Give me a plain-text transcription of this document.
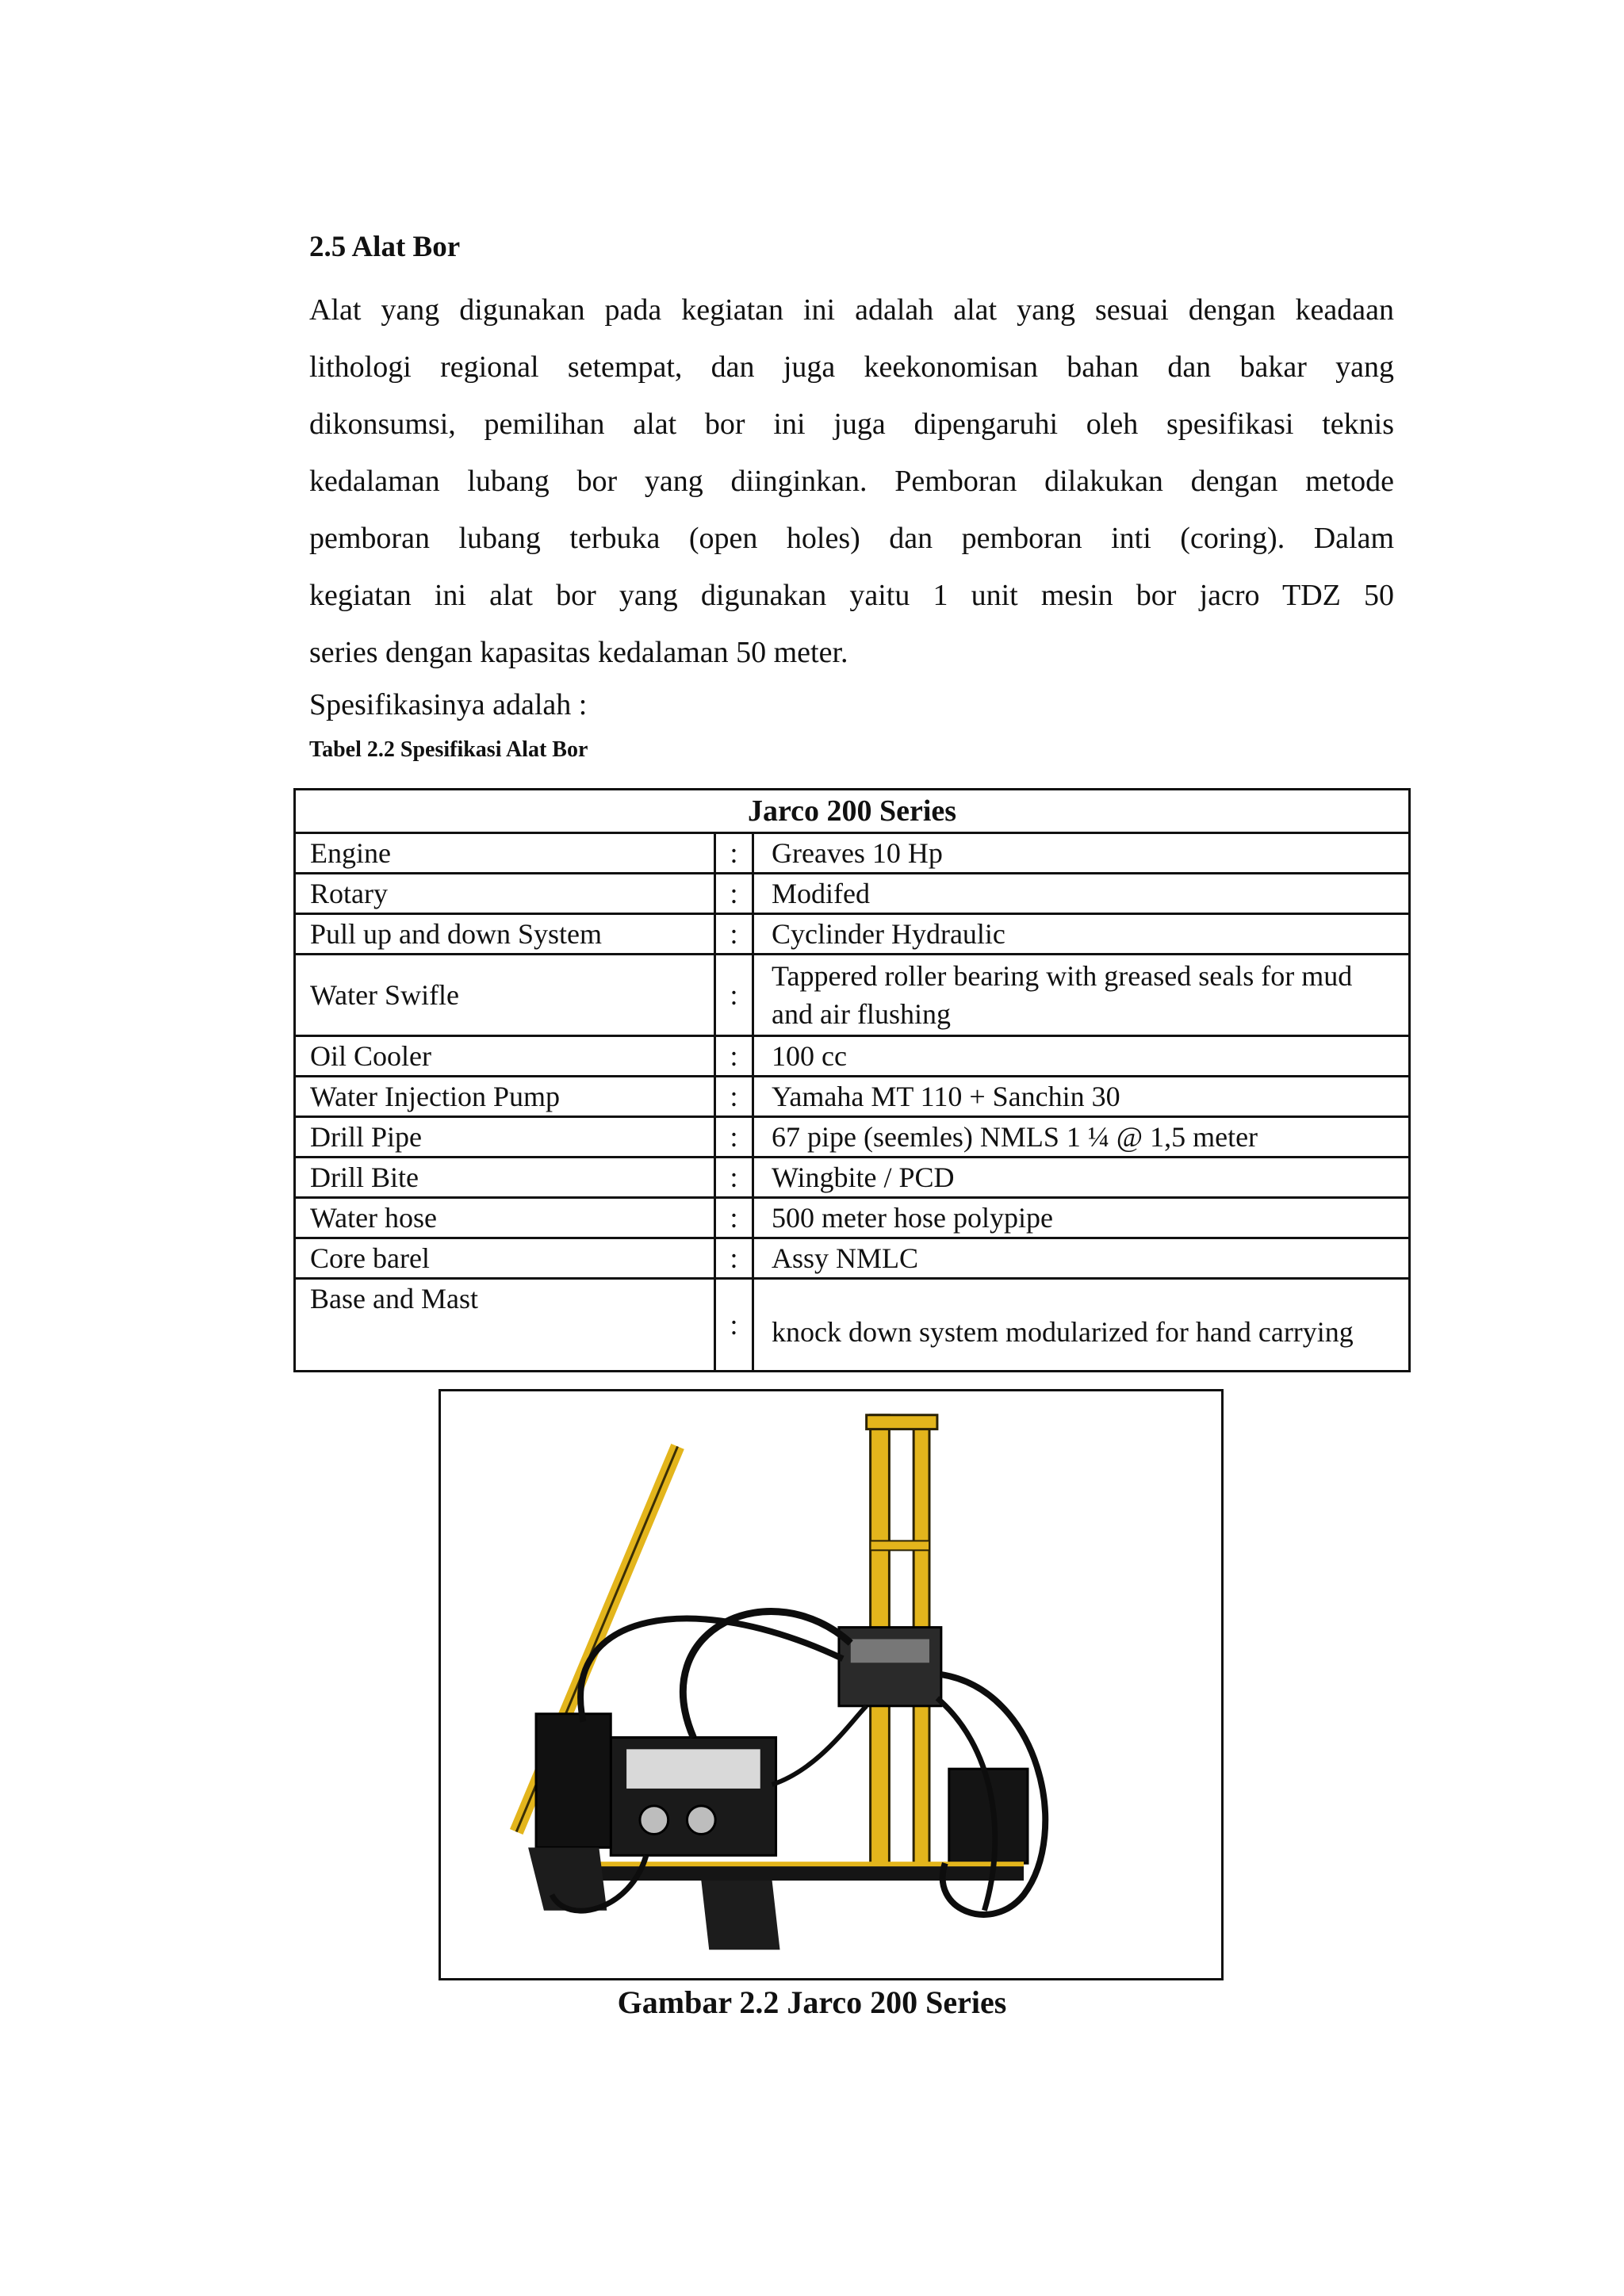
2.5 Alat Bor
Alat yang digunakan pada kegiatan ini adalah alat yang sesuai dengan keadaan
lithologi regional setempat, dan juga keekonomisan bahan dan bakar yang
dikonsumsi, pemilihan alat bor ini juga dipengaruhi oleh spesifikasi teknis
kedalaman lubang bor yang diinginkan. Pemboran dilakukan dengan metode
pemboran lubang terbuka (open holes) dan pemboran inti (coring). Dalam
kegiatan ini alat bor yang digunakan yaitu 1 unit mesin bor jacro TDZ 50
series dengan kapasitas kedalaman 50 meter.

Spesifikasinya adalah :

Tabel 2.2 Spesifikasi Alat Bor

Jarco 200 Series		
Engine	:	Greaves 10 Hp
Rotary	:	Modifed
Pull up and down System	:	Cyclinder Hydraulic
Water Swifle	:	Tappered roller bearing with greased seals for mud and air flushing
Oil Cooler	:	100 cc
Water Injection Pump	:	Yamaha MT 110 + Sanchin 30
Drill Pipe	:	67 pipe (seemles) NMLS 1 ¼ @ 1,5 meter
Drill Bite	:	Wingbite / PCD
Water hose	:	500 meter hose polypipe
Core barel	:	Assy NMLC
Base and Mast	:	knock down system modularized for hand carrying

Gambar 2.2 Jarco 200 Series
